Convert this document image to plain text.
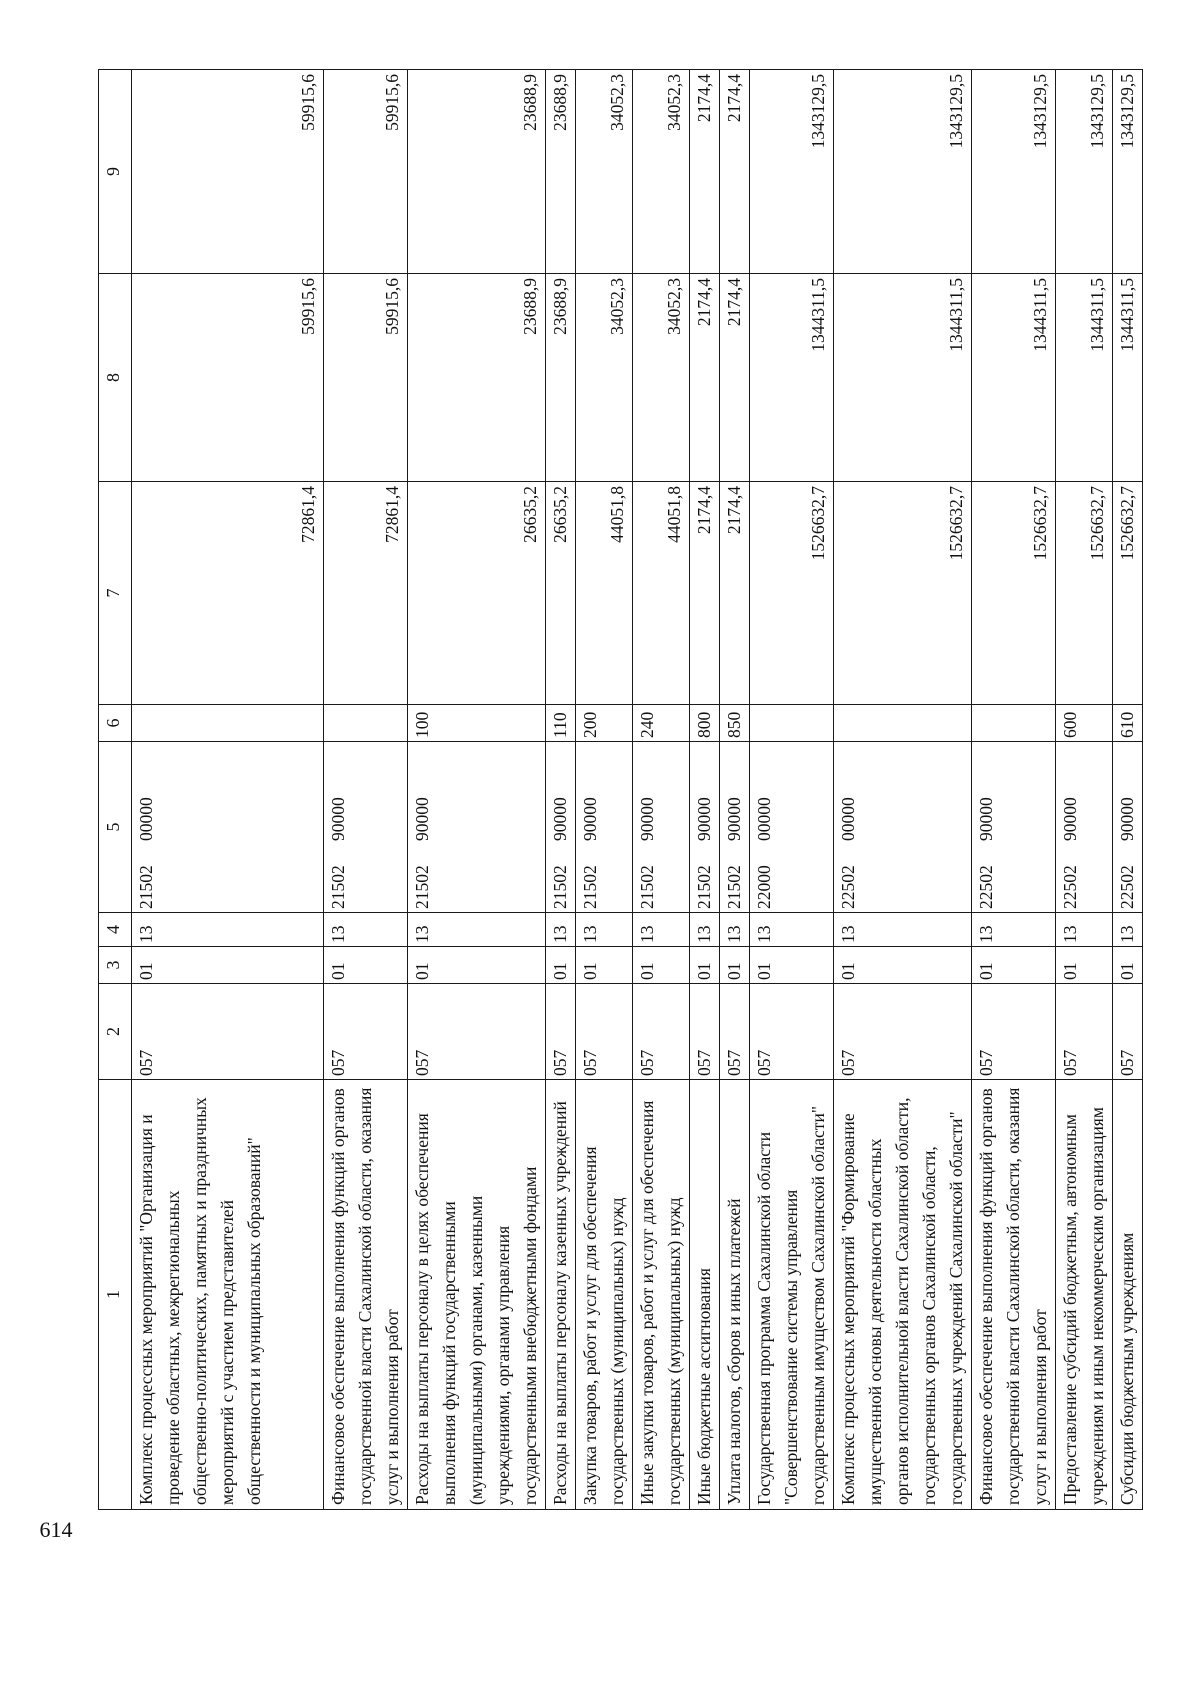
614
1	2	3	4	5	6	7	8	9
Комплекс процессных мероприятий "Организация и проведение областных, межрегиональных общественно-политических, памятных и праздничных мероприятий с участием представителей общественности и муниципальных образований"	057	01	13	2150200000		72861,4	59915,6	59915,6
Финансовое обеспечение выполнения функций органов государственной власти Сахалинской области, оказания услуг и выполнения работ	057	01	13	2150290000		72861,4	59915,6	59915,6
Расходы на выплаты персоналу в целях обеспечения выполнения функций государственными (муниципальными) органами, казенными учреждениями, органами управления государственными внебюджетными фондами	057	01	13	2150290000	100	26635,2	23688,9	23688,9
Расходы на выплаты персоналу казенных учреждений	057	01	13	2150290000	110	26635,2	23688,9	23688,9
Закупка товаров, работ и услуг для обеспечения государственных (муниципальных) нужд	057	01	13	2150290000	200	44051,8	34052,3	34052,3
Иные закупки товаров, работ и услуг для обеспечения государственных (муниципальных) нужд	057	01	13	2150290000	240	44051,8	34052,3	34052,3
Иные бюджетные ассигнования	057	01	13	2150290000	800	2174,4	2174,4	2174,4
Уплата налогов, сборов и иных платежей	057	01	13	2150290000	850	2174,4	2174,4	2174,4
Государственная программа Сахалинской области "Совершенствование системы управления государственным имуществом Сахалинской области"	057	01	13	2200000000		1526632,7	1344311,5	1343129,5
Комплекс процессных мероприятий "Формирование имущественной основы деятельности областных органов исполнительной власти Сахалинской области, государственных органов Сахалинской области, государственных учреждений Сахалинской области"	057	01	13	2250200000		1526632,7	1344311,5	1343129,5
Финансовое обеспечение выполнения функций органов государственной власти Сахалинской области, оказания услуг и выполнения работ	057	01	13	2250290000		1526632,7	1344311,5	1343129,5
Предоставление субсидий бюджетным, автономным учреждениям и иным некоммерческим организациям	057	01	13	2250290000	600	1526632,7	1344311,5	1343129,5
Субсидии бюджетным учреждениям	057	01	13	2250290000	610	1526632,7	1344311,5	1343129,5
